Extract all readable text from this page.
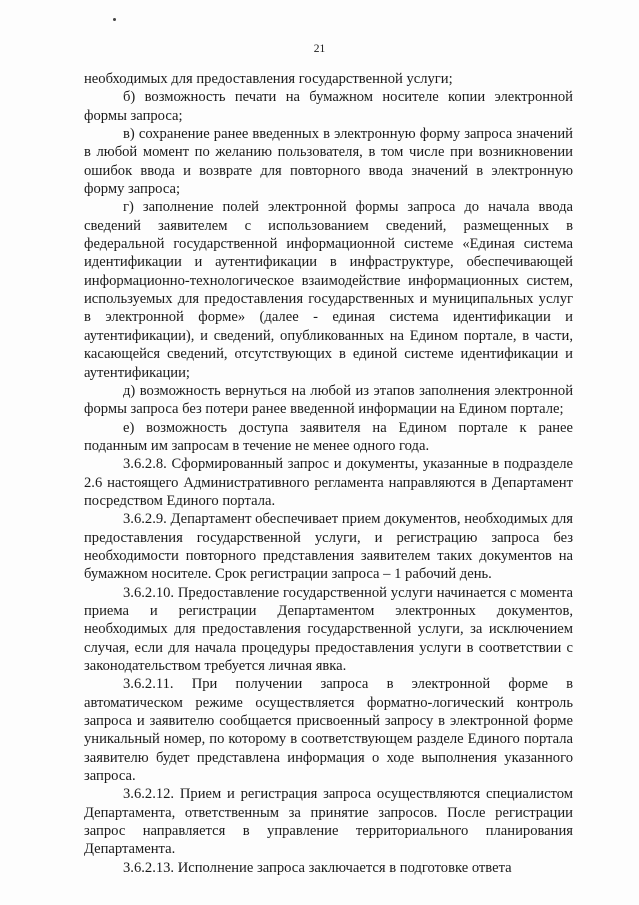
21

необходимых для предоставления государственной услуги;

б) возможность печати на бумажном носителе копии электронной формы запроса;

в) сохранение ранее введенных в электронную форму запроса значений в любой момент по желанию пользователя, в том числе при возникновении ошибок ввода и возврате для повторного ввода значений в электронную форму запроса;

г) заполнение полей электронной формы запроса до начала ввода сведений заявителем с использованием сведений, размещенных в федеральной государственной информационной системе «Единая система идентификации и аутентификации в инфраструктуре, обеспечивающей информационно-технологическое взаимодействие информационных систем, используемых для предоставления государственных и муниципальных услуг в электронной форме» (далее - единая система идентификации и аутентификации), и сведений, опубликованных на Едином портале, в части, касающейся сведений, отсутствующих в единой системе идентификации и аутентификации;

д) возможность вернуться на любой из этапов заполнения электронной формы запроса без потери ранее введенной информации на Едином портале;

е) возможность доступа заявителя на Едином портале к ранее поданным им запросам в течение не менее одного года.

3.6.2.8. Сформированный запрос и документы, указанные в подразделе 2.6 настоящего Административного регламента направляются в Департамент посредством Единого портала.

3.6.2.9. Департамент обеспечивает прием документов, необходимых для предоставления государственной услуги, и регистрацию запроса без необходимости повторного представления заявителем таких документов на бумажном носителе. Срок регистрации запроса – 1 рабочий день.

3.6.2.10. Предоставление государственной услуги начинается с момента приема и регистрации Департаментом электронных документов, необходимых для предоставления государственной услуги, за исключением случая, если для начала процедуры предоставления услуги в соответствии с законодательством требуется личная явка.

3.6.2.11. При получении запроса в электронной форме в автоматическом режиме осуществляется форматно-логический контроль запроса и заявителю сообщается присвоенный запросу в электронной форме уникальный номер, по которому в соответствующем разделе Единого портала заявителю будет представлена информация о ходе выполнения указанного запроса.

3.6.2.12. Прием и регистрация запроса осуществляются специалистом Департамента, ответственным за принятие запросов. После регистрации запрос направляется в управление территориального планирования Департамента.

3.6.2.13. Исполнение запроса заключается в подготовке ответа
